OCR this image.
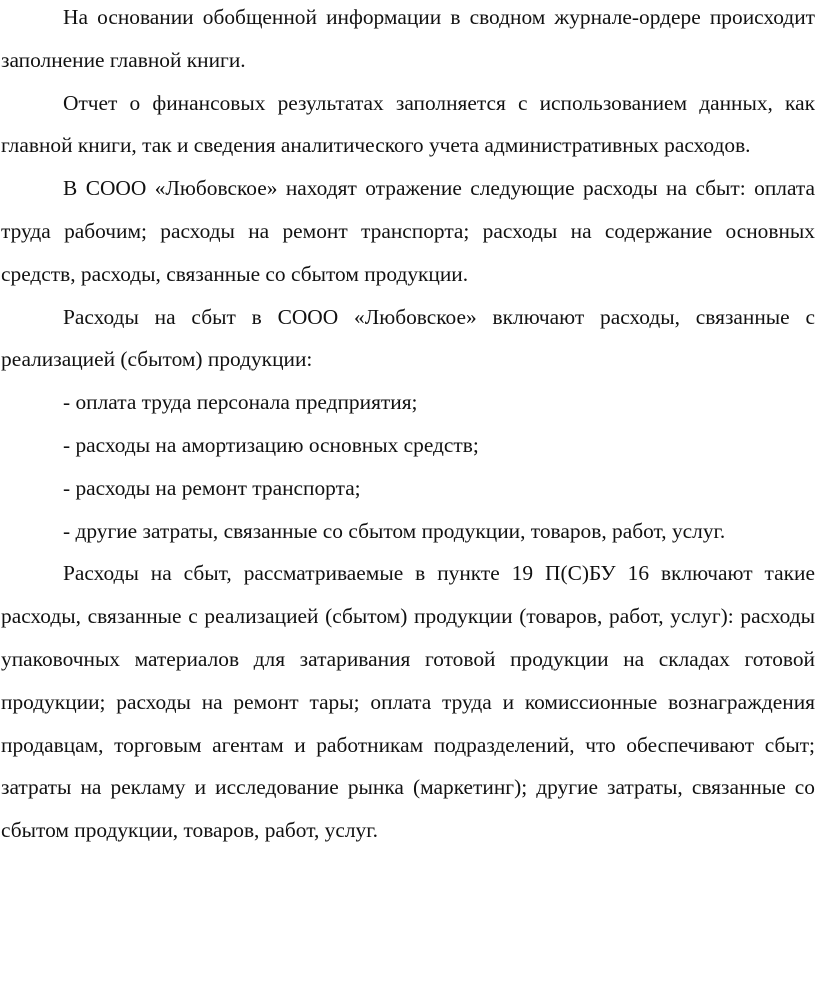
На основании обобщенной информации в сводном журнале-ордере происходит заполнение главной книги.

Отчет о финансовых результатах заполняется с использованием данных, как главной книги, так и сведения аналитического учета административных расходов.

В СООО «Любовское» находят отражение следующие расходы на сбыт: оплата труда рабочим; расходы на ремонт транспорта; расходы на содержание основных средств, расходы, связанные со сбытом продукции.

Расходы на сбыт в СООО «Любовское» включают расходы, связанные с реализацией (сбытом) продукции:

- оплата труда персонала предприятия;

- расходы на амортизацию основных средств;

- расходы на ремонт транспорта;

- другие затраты, связанные со сбытом продукции, товаров, работ, услуг.

Расходы на сбыт, рассматриваемые в пункте 19 П(С)БУ 16 включают такие расходы, связанные с реализацией (сбытом) продукции (товаров, работ, услуг): расходы упаковочных материалов для затаривания готовой продукции на складах готовой продукции; расходы на ремонт тары; оплата труда и комиссионные вознаграждения продавцам, торговым агентам и работникам подразделений, что обеспечивают сбыт; затраты на рекламу и исследование рынка (маркетинг); другие затраты, связанные со сбытом продукции, товаров, работ, услуг.
